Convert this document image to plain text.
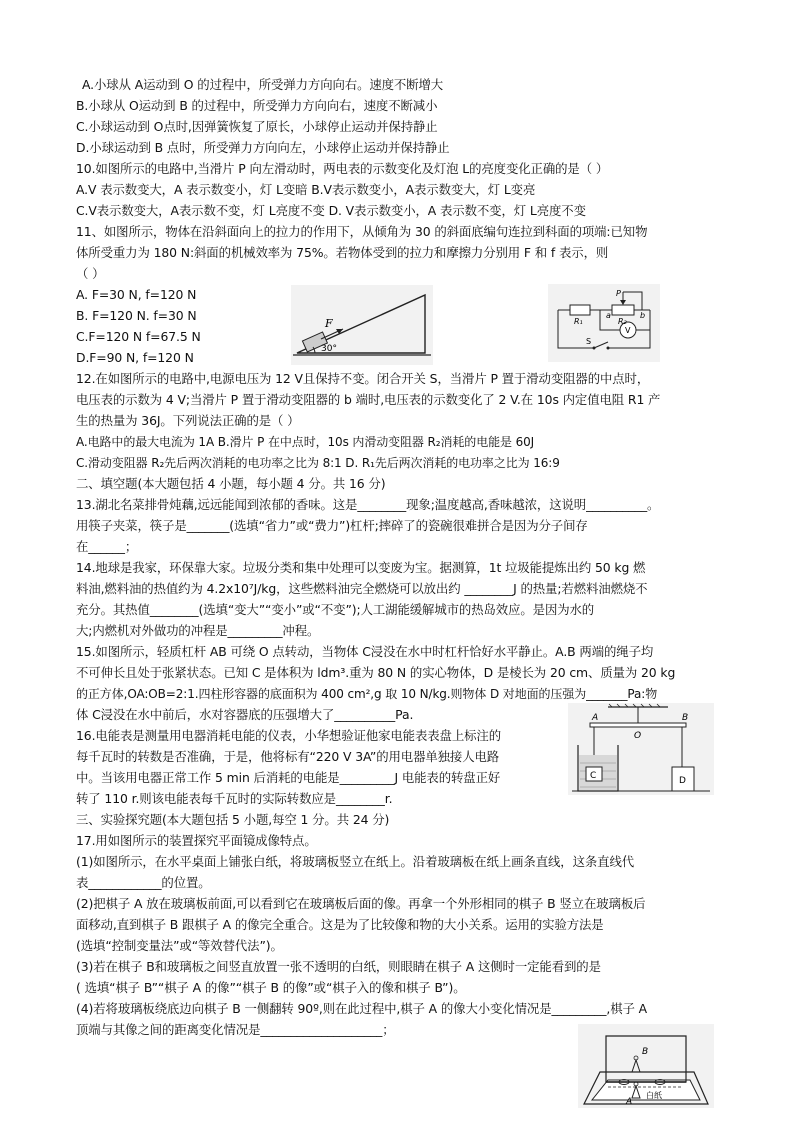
A.小球从 A运动到 O 的过程中，所受弹力方向向右。速度不断增大
B.小球从 O运动到 B 的过程中，所受弹力方向向右，速度不断减小
C.小球运动到 O点时,因弹簧恢复了原长，小球停止运动并保持静止
D.小球运动到 B 点时，所受弹力方向向左，小球停止运动并保持静止
10.如图所示的电路中,当滑片 P 向左滑动时，两电表的示数变化及灯泡 L的亮度变化正确的是（ ）
A.V 表示数变大，A 表示数变小，灯 L变暗 B.V表示数变小，A表示数变大，灯 L变亮
C.V表示数变大，A表示数不变，灯 L亮度不变 D. V表示数变小，A 表示数不变，灯 L亮度不变
11、如图所示，物体在沿斜面向上的拉力的作用下，从倾角为 30 的斜面底编句连拉到科面的项端:已知物
体所受重力为 180 N:斜面的机械效率为 75%。若物体受到的拉力和摩擦力分别用 F 和 f 表示，则
（ ）
A. F=30 N, f=120 N
B. F=120 N. f=30 N
C.F=120 N f=67.5 N
D.F=90 N, f=120 N
12.在如图所示的电路中,电源电压为 12 V且保持不变。闭合开关 S，当滑片 P 置于滑动变阻器的中点时，
电压表的示数为 4 V;当滑片 P 置于滑动变阻器的 b 端时,电压表的示数变化了 2 V.在 10s 内定值电阻 R1 产
生的热量为 36J。下列说法正确的是（ ）
A.电路中的最大电流为 1A B.滑片 P 在中点时，10s 内滑动变阻器 R₂消耗的电能是 60J
C.滑动变阻器 R₂先后两次消耗的电功率之比为 8:1 D. R₁先后两次消耗的电功率之比为 16:9
二、填空题(本大题包括 4 小题，每小题 4 分。共 16 分)
13.湖北名菜排骨炖藕,远远能闻到浓郁的香味。这是________现象;温度越高,香味越浓，这说明__________。
用筷子夹菜，筷子是_______(选填“省力”或“费力”)杠杆;摔碎了的瓷碗很难拼合是因为分子间存
在______；
14.地球是我家，环保靠大家。垃圾分类和集中处理可以变废为宝。据测算，1t 垃圾能提炼出约 50 kg 燃
料油,燃料油的热值约为 4.2x10⁷J/kg，这些燃料油完全燃烧可以放出约 ________J 的热量;若燃料油燃烧不
充分。其热值________(选填“变大”“变小”或“不变”);人工湖能缓解城市的热岛效应。是因为水的
大;内燃机对外做功的冲程是_________冲程。
15.如图所示，轻质杠杆 AB 可绕 O 点转动，当物体 C浸没在水中时杠杆恰好水平静止。A.B 两端的绳子均
不可伸长且处于张紧状态。已知 C 是体积为 ldm³.重为 80 N 的实心物体，D 是棱长为 20 cm、质量为 20 kg
的正方体,OA:OB=2:1.四柱形容器的底面积为 400 cm²,g 取 10 N/kg.则物体 D 对地面的压强为_______Pa:物
体 C浸没在水中前后，水对容器底的压强增大了__________Pa.
16.电能表是测量用电器消耗电能的仪表，小华想验证他家电能表表盘上标注的
每千瓦时的转数是否准确，于是，他将标有“220 V 3A”的用电器单独接人电路
中。当该用电器正常工作 5 min 后消耗的电能是_________J 电能表的转盘正好
转了 110 r.则该电能表每千瓦时的实际转数应是________r.
三、实验探究题(本大题包括 5 小题,每空 1 分。共 24 分)
17.用如图所示的装置探究平面镜成像特点。
(1)如图所示，在水平桌面上铺张白纸，将玻璃板竖立在纸上。沿着玻璃板在纸上画条直线，这条直线代
表____________的位置。
(2)把棋子 A 放在玻璃板前面,可以看到它在玻璃板后面的像。再拿一个外形相同的棋子 B 竖立在玻璃板后
面移动,直到棋子 B 跟棋子 A 的像完全重合。这是为了比较像和物的大小关系。运用的实验方法是
(选填“控制变量法”或“等效替代法”)。
(3)若在棋子 B和玻璃板之间竖直放置一张不透明的白纸，则眼睛在棋子 A 这侧时一定能看到的是
( 选填“棋子 B”“棋子 A 的像”“棋子 B 的像”或“棋子入的像和棋子 B”)。
(4)若将玻璃板绕底边向棋子 B 一侧翻转 90º,则在此过程中,棋子 A 的像大小变化情况是_________,棋子 A
顶端与其像之间的距离变化情况是____________________；
F
30°
R₁	R₂
P
a	b
V
S
A
O
B
C	D
B
A
白纸
